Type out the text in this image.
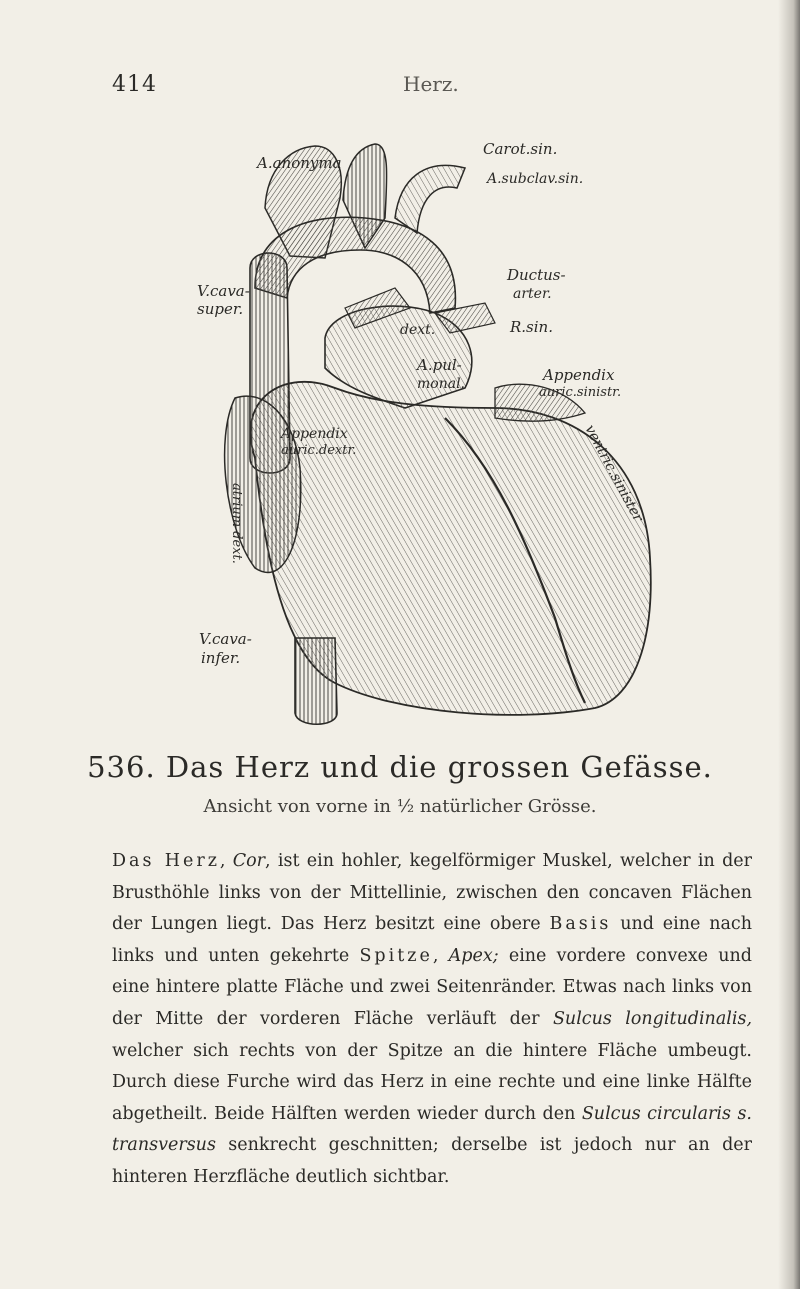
414	Herz.
A.anonyma
Carot.sin.
A.subclav.sin.
V.cava-
super.
Ductus-
arter.
R.sin.
dext.
A.pul-
monal.	Appendix
auric.sinistr.
Appendix
auric.dextr.
atrium dext.	ventric.sinister
V.cava-
infer.
536. Das Herz und die grossen Gefässe.
Ansicht von vorne in ½ natürlicher Grösse.
Das Herz, Cor, ist ein hohler, kegelförmiger Muskel, welcher in der Brusthöhle links von der Mittellinie, zwischen den concaven Flächen der Lungen liegt. Das Herz besitzt eine obere Basis und eine nach links und unten gekehrte Spitze, Apex; eine vordere convexe und eine hintere platte Fläche und zwei Seitenränder. Etwas nach links von der Mitte der vorderen Fläche verläuft der Sulcus longitudinalis, welcher sich rechts von der Spitze an die hintere Fläche umbeugt. Durch diese Furche wird das Herz in eine rechte und eine linke Hälfte abgetheilt. Beide Hälften werden wieder durch den Sulcus circularis s. transversus senkrecht geschnitten; derselbe ist jedoch nur an der hinteren Herzfläche deutlich sichtbar.
